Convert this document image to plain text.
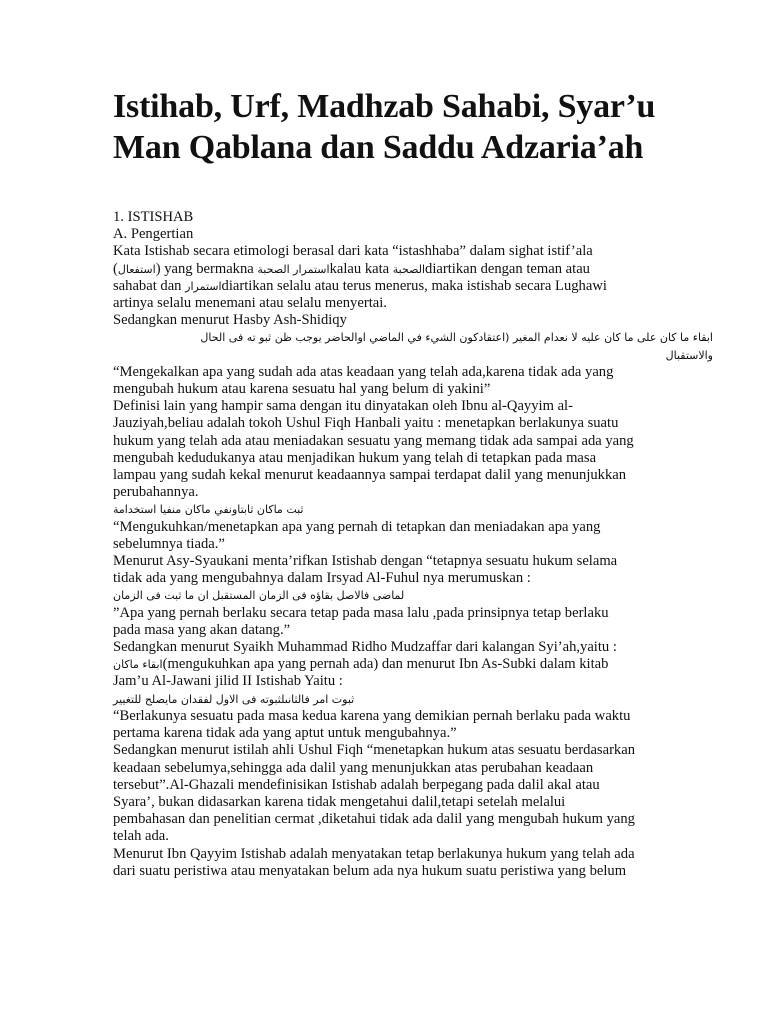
Istihab, Urf, Madhzab Sahabi, Syar’u
Man Qablana dan Saddu Adzaria’ah
1. ISTISHAB
A. Pengertian
Kata Istishab secara etimologi berasal dari kata “istashhaba” dalam sighat istif’ala
(استفعال) yang bermakna استمرار الصحبةkalau kata الصحبةdiartikan dengan teman atau
sahabat dan استمرارdiartikan selalu atau terus menerus, maka istishab secara Lughawi
artinya selalu menemani atau selalu menyertai.
Sedangkan menurut Hasby Ash-Shidiqy
ابقاء ما كان على ما كان عليه لا نعدام المغير (اعتقادكون الشيء في الماضي اوالحاضر يوجب ظن ثبو ته فى الحال
والاستقبال
“Mengekalkan apa yang sudah ada atas keadaan yang telah ada,karena tidak ada yang
mengubah hukum atau karena sesuatu hal yang belum di yakini”
Definisi lain yang hampir sama dengan itu dinyatakan oleh Ibnu al-Qayyim al-
Jauziyah,beliau adalah tokoh Ushul Fiqh Hanbali yaitu : menetapkan berlakunya suatu
hukum yang telah ada atau meniadakan sesuatu yang memang tidak ada sampai ada yang
mengubah kedudukanya atau menjadikan hukum yang telah di tetapkan pada masa
lampau yang sudah kekal menurut keadaannya sampai terdapat dalil yang menunjukkan
perubahannya.
ثبت ماكان ثابتاونفي ماكان منفيا استخدامة
“Mengukuhkan/menetapkan apa yang pernah di tetapkan dan meniadakan apa yang
sebelumnya tiada.”
Menurut Asy-Syaukani menta’rifkan Istishab dengan “tetapnya sesuatu hukum selama
tidak ada yang mengubahnya dalam Irsyad Al-Fuhul nya merumuskan :
لماضى فالاصل بقاؤه فى الزمان المستقبل ان ما ثبت فى الزمان
”Apa yang pernah berlaku secara tetap pada masa lalu ,pada prinsipnya tetap berlaku
pada masa yang akan datang.”
Sedangkan menurut Syaikh Muhammad Ridho Mudzaffar dari kalangan Syi’ah,yaitu :
ابقاء ماكان(mengukuhkan apa yang pernah ada) dan menurut Ibn As-Subki dalam kitab
Jam’u Al-Jawani jilid II Istishab Yaitu :
ثبوت امر فالثانىلثبوته فى الاول لفقدان مايصلح للتغيير
“Berlakunya sesuatu pada masa kedua karena yang demikian pernah berlaku pada waktu
pertama karena tidak ada yang aptut untuk mengubahnya.”
Sedangkan menurut istilah ahli Ushul Fiqh “menetapkan hukum atas sesuatu berdasarkan
keadaan sebelumya,sehingga ada dalil yang menunjukkan atas perubahan keadaan
tersebut”.Al-Ghazali mendefinisikan Istishab adalah berpegang pada dalil akal atau
Syara’, bukan didasarkan karena tidak mengetahui dalil,tetapi setelah melalui
pembahasan dan penelitian cermat ,diketahui tidak ada dalil yang mengubah hukum yang
telah ada.
Menurut Ibn Qayyim Istishab adalah menyatakan tetap berlakunya hukum yang telah ada
dari suatu peristiwa atau menyatakan belum ada nya hukum suatu peristiwa yang belum
